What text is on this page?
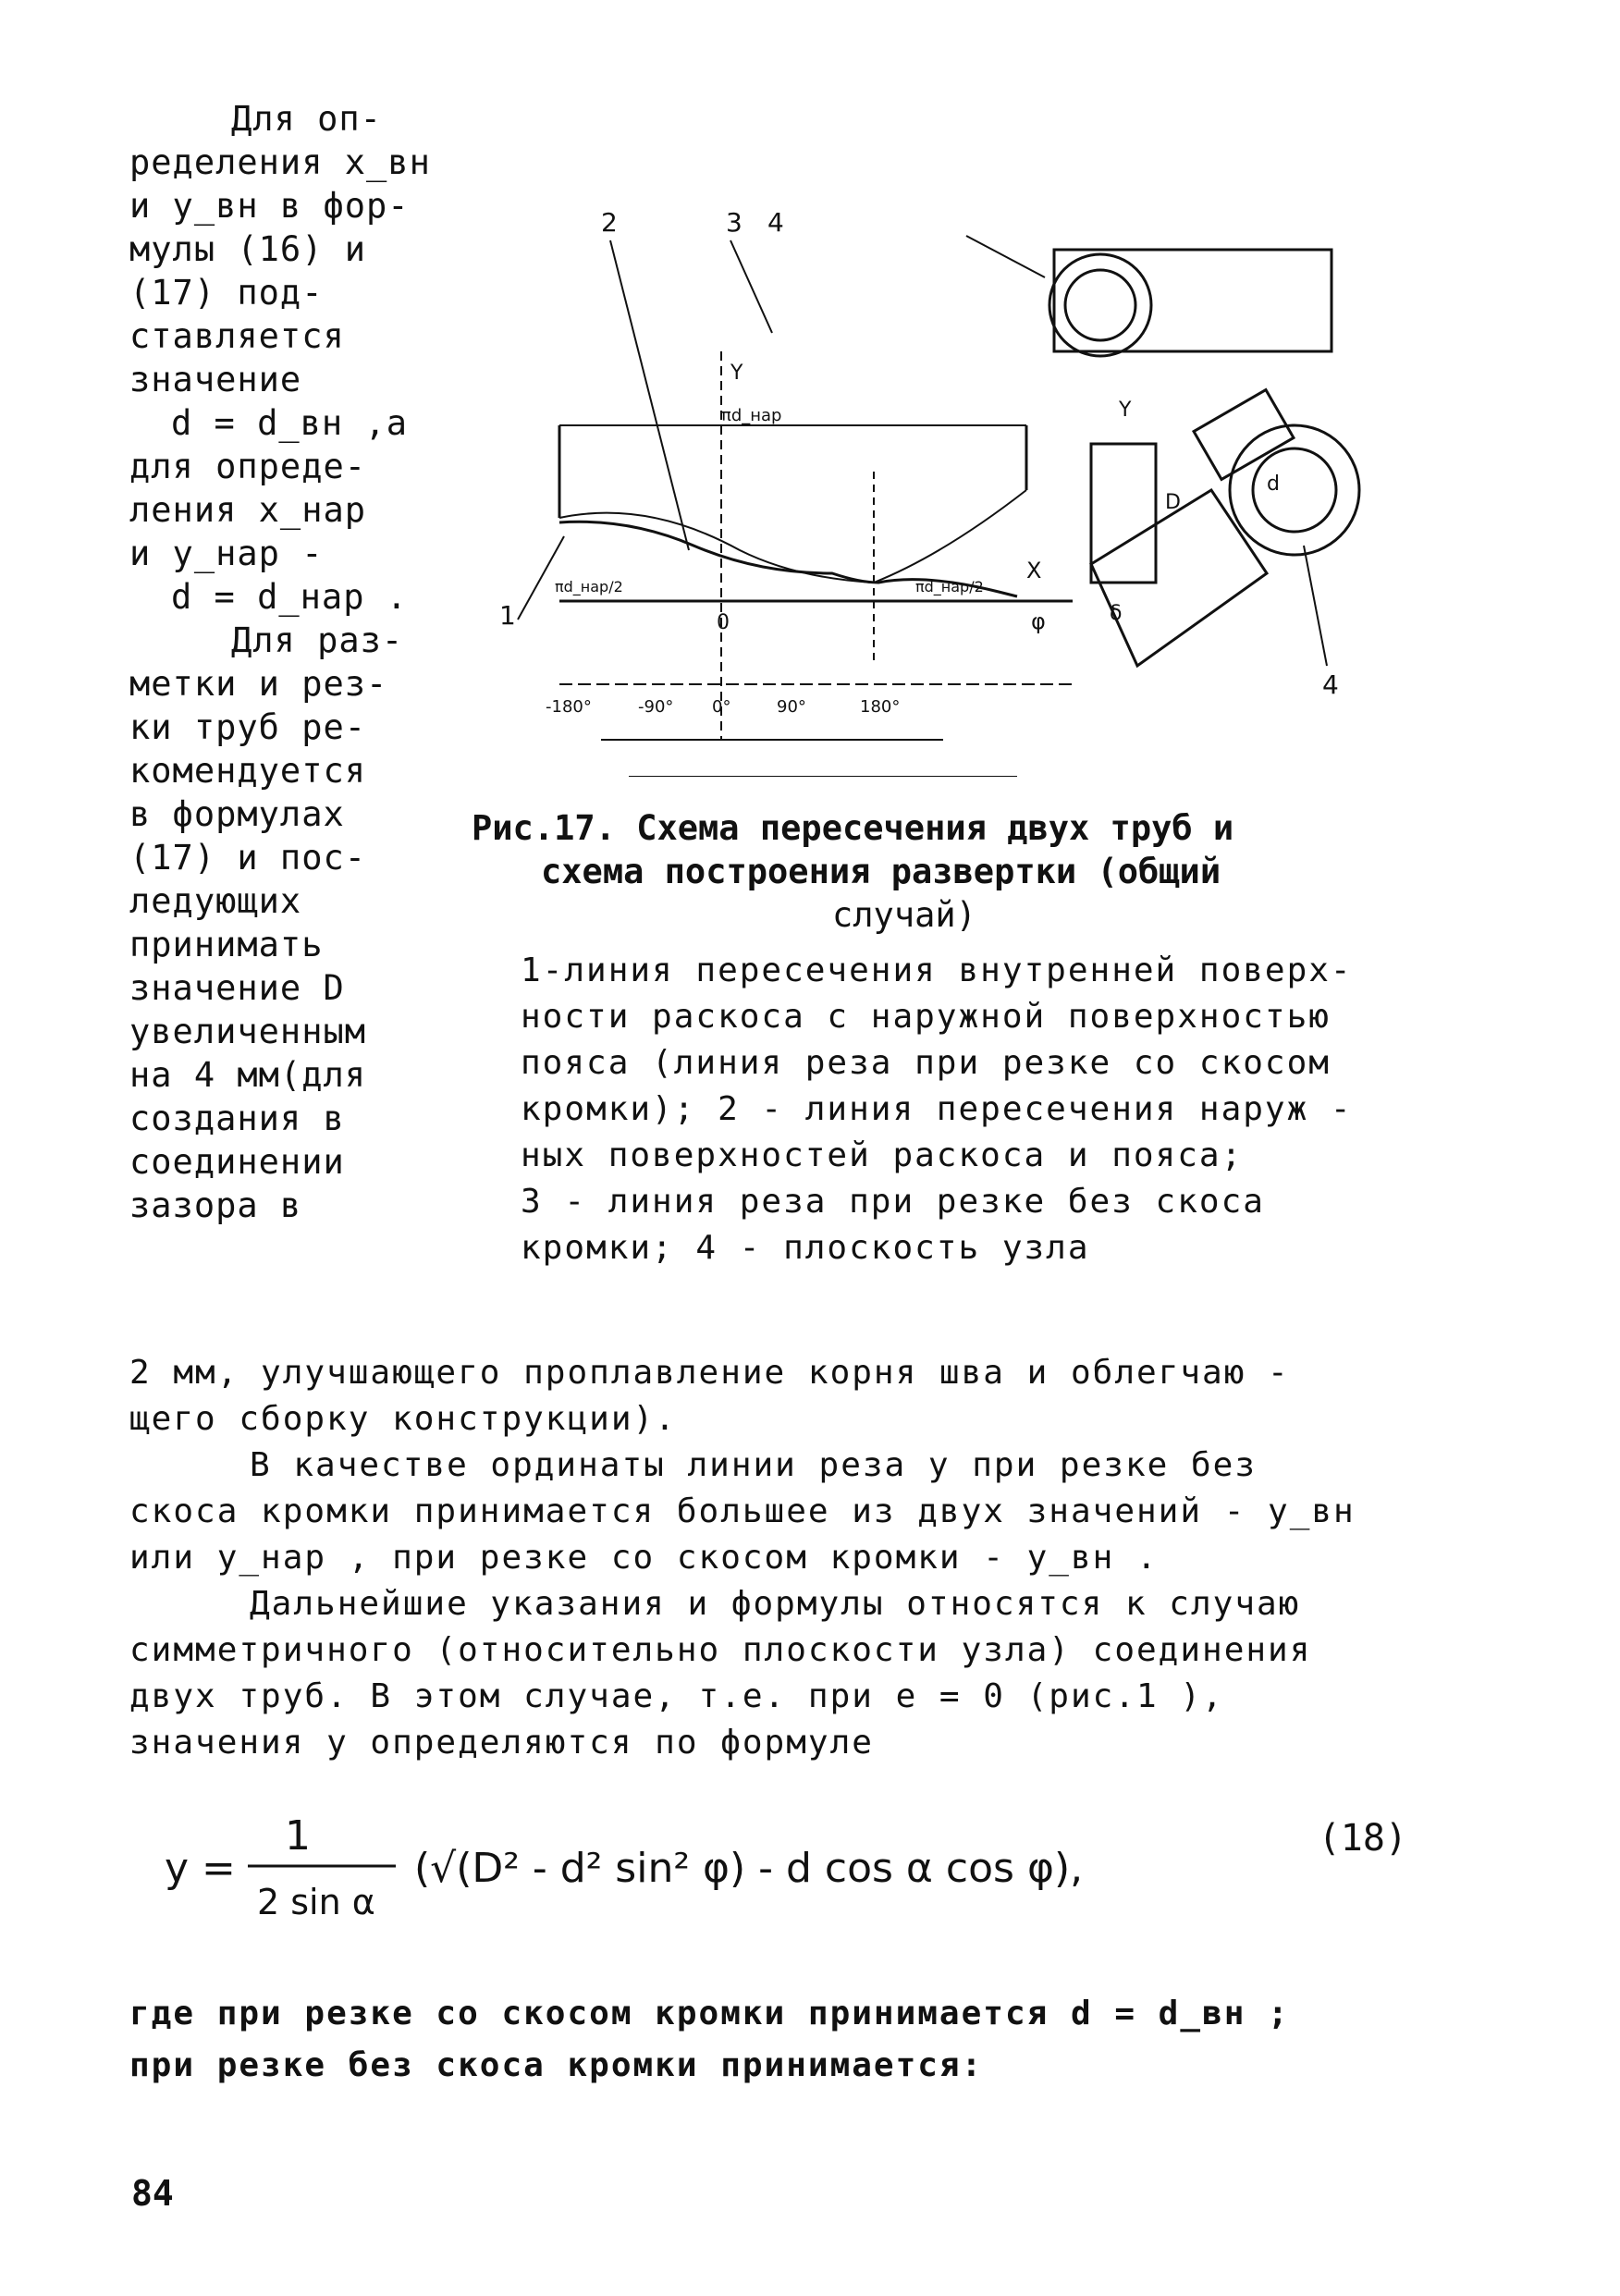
Для оп-
ределения x_вн
и y_вн в фор-
мулы (16) и
(17) под-
ставляется
значение
d = d_вн ,а
для опреде-
ления x_нар
и y_нар -
d = d_нар .
Для раз-
метки и рез-
ки труб ре-
комендуется
в формулах
(17) и пос-
ледующих
принимать
значение D
увеличенным
на 4 мм(для
создания в
соединении
зазора в
2	3 4
1
4
Y
Y
X
φ
0
-180°	-90° 0°	90°	180°
πd_нар
πd_нар/2	πd_нар/2
D
d
δ
Рис.17. Схема пересечения двух труб и
схема построения развертки (общий
случай)
1-линия пересечения внутренней поверх-
ности раскоса с наружной поверхностью
пояса (линия реза при резке со скосом
кромки); 2 - линия пересечения наруж -
ных поверхностей раскоса и пояса;
3 - линия реза при резке без скоса
кромки; 4 - плоскость узла
2 мм, улучшающего проплавление корня шва и облегчаю -
щего сборку конструкции).
В качестве ординаты линии реза y при резке без
скоса кромки принимается большее из двух значений - y_вн
или y_нар , при резке со скосом кромки - y_вн .
Дальнейшие указания и формулы относятся к случаю
симметричного (относительно плоскости узла) соединения
двух труб. В этом случае, т.е. при e = 0 (рис.1 ),
значения y определяются по формуле
y =
1
2 sin α
(√(D² - d² sin² φ) - d cos α cos φ),
(18)
где при резке со скосом кромки принимается d = d_вн ;
при резке без скоса кромки принимается:
84
